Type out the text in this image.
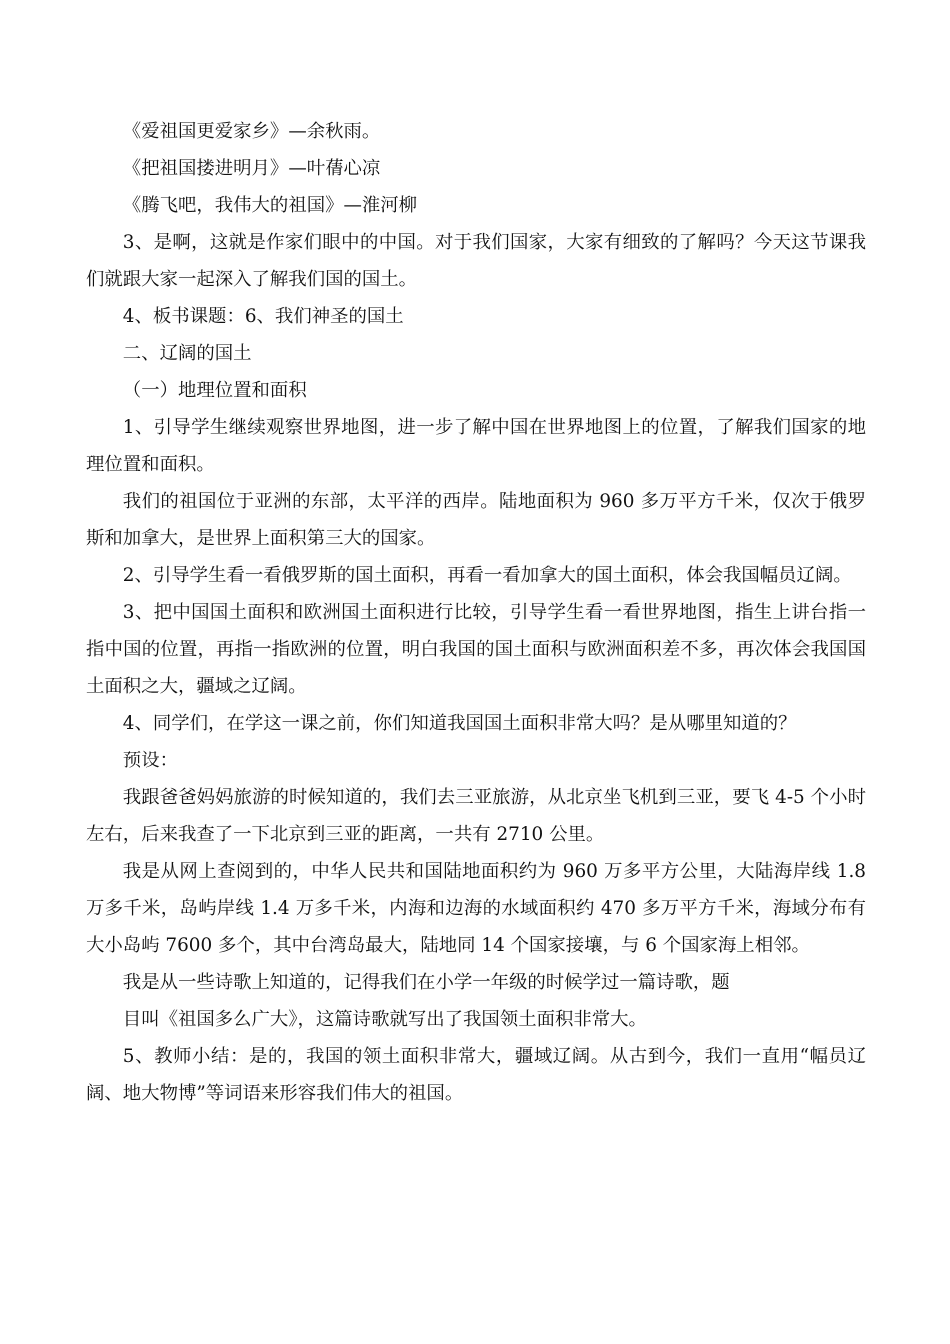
《爱祖国更爱家乡》—余秋雨。

《把祖国搂进明月》—叶蒨心凉

《腾飞吧，我伟大的祖国》—淮河柳

3、是啊，这就是作家们眼中的中国。对于我们国家，大家有细致的了解吗？今天这节课我们就跟大家一起深入了解我们国的国土。

4、板书课题：6、我们神圣的国土

二、辽阔的国土

（一）地理位置和面积

1、引导学生继续观察世界地图，进一步了解中国在世界地图上的位置，了解我们国家的地理位置和面积。

我们的祖国位于亚洲的东部，太平洋的西岸。陆地面积为 960 多万平方千米，仅次于俄罗斯和加拿大，是世界上面积第三大的国家。

2、引导学生看一看俄罗斯的国土面积，再看一看加拿大的国土面积，体会我国幅员辽阔。

3、把中国国土面积和欧洲国土面积进行比较，引导学生看一看世界地图，指生上讲台指一指中国的位置，再指一指欧洲的位置，明白我国的国土面积与欧洲面积差不多，再次体会我国国土面积之大，疆域之辽阔。

4、同学们，在学这一课之前，你们知道我国国土面积非常大吗？是从哪里知道的？

预设：

我跟爸爸妈妈旅游的时候知道的，我们去三亚旅游，从北京坐飞机到三亚，要飞 4-5 个小时左右，后来我查了一下北京到三亚的距离，一共有 2710 公里。

我是从网上查阅到的，中华人民共和国陆地面积约为 960 万多平方公里，大陆海岸线 1.8 万多千米，岛屿岸线 1.4 万多千米，内海和边海的水域面积约 470 多万平方千米，海域分布有大小岛屿 7600 多个，其中台湾岛最大，陆地同 14 个国家接壤，与 6 个国家海上相邻。

我是从一些诗歌上知道的，记得我们在小学一年级的时候学过一篇诗歌，题

目叫《祖国多么广大》，这篇诗歌就写出了我国领土面积非常大。

5、教师小结：是的，我国的领土面积非常大，疆域辽阔。从古到今，我们一直用“幅员辽阔、地大物博”等词语来形容我们伟大的祖国。
